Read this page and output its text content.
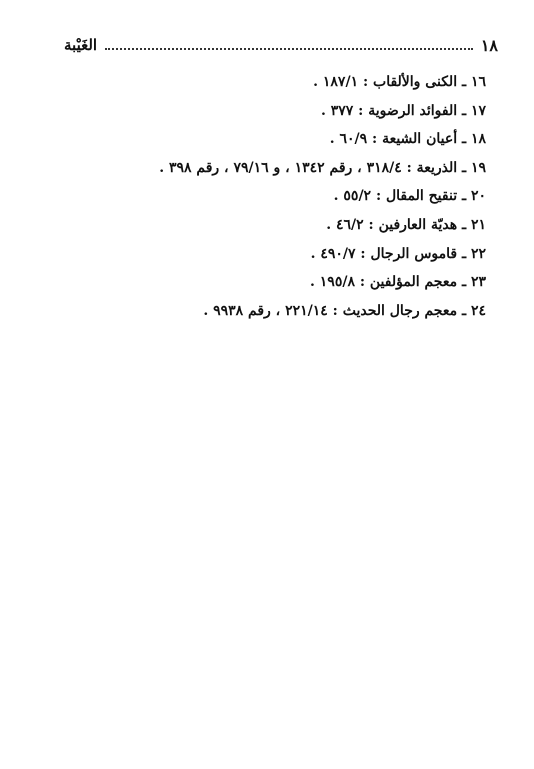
١٨
الغَيْبة
١٦ ـ الكنى والألقاب : ١٨٧/١ .
١٧ ـ الفوائد الرضوية : ٣٧٧ .
١٨ ـ أعيان الشيعة : ٦٠/٩ .
١٩ ـ الذريعة : ٣١٨/٤ ، رقم ١٣٤٢ ، و ٧٩/١٦ ، رقم ٣٩٨ .
٢٠ ـ تنقيح المقال : ٥٥/٢ .
٢١ ـ هديّة العارفين : ٤٦/٢ .
٢٢ ـ قاموس الرجال : ٤٩٠/٧ .
٢٣ ـ معجم المؤلفين : ١٩٥/٨ .
٢٤ ـ معجم رجال الحديث : ٢٢١/١٤ ، رقم ٩٩٣٨ .
